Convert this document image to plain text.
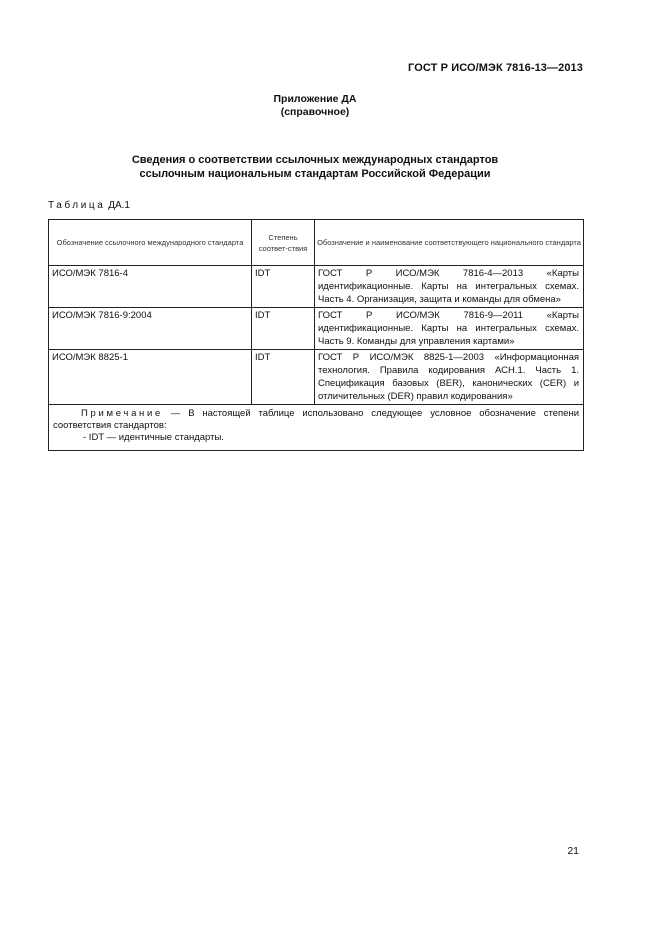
ГОСТ Р ИСО/МЭК 7816-13—2013
Приложение ДА
(справочное)
Сведения о соответствии ссылочных международных стандартов
ссылочным национальным стандартам Российской Федерации
Таблица ДА.1
Обозначение ссылочного международного стандарта	Степень соответ-ствия	Обозначение и наименование соответствующего национального стандарта
ИСО/МЭК 7816-4	IDT	ГОСТ Р ИСО/МЭК 7816-4—2013 «Карты идентификационные. Карты на интегральных схемах. Часть 4. Организация, защита и команды для обмена»
ИСО/МЭК 7816-9:2004	IDT	ГОСТ Р ИСО/МЭК 7816-9—2011 «Карты идентификационные. Карты на интегральных схемах. Часть 9. Команды для управления картами»
ИСО/МЭК 8825-1	IDT	ГОСТ Р ИСО/МЭК 8825-1—2003 «Информационная технология. Правила кодирования АСН.1. Часть 1. Спецификация базовых (BER), канонических (CER) и отличительных (DER) правил кодирования»

Примечание — В настоящей таблице использовано следующее условное обозначение степени соответствия стандартов:
- IDT — идентичные стандарты.		
21
